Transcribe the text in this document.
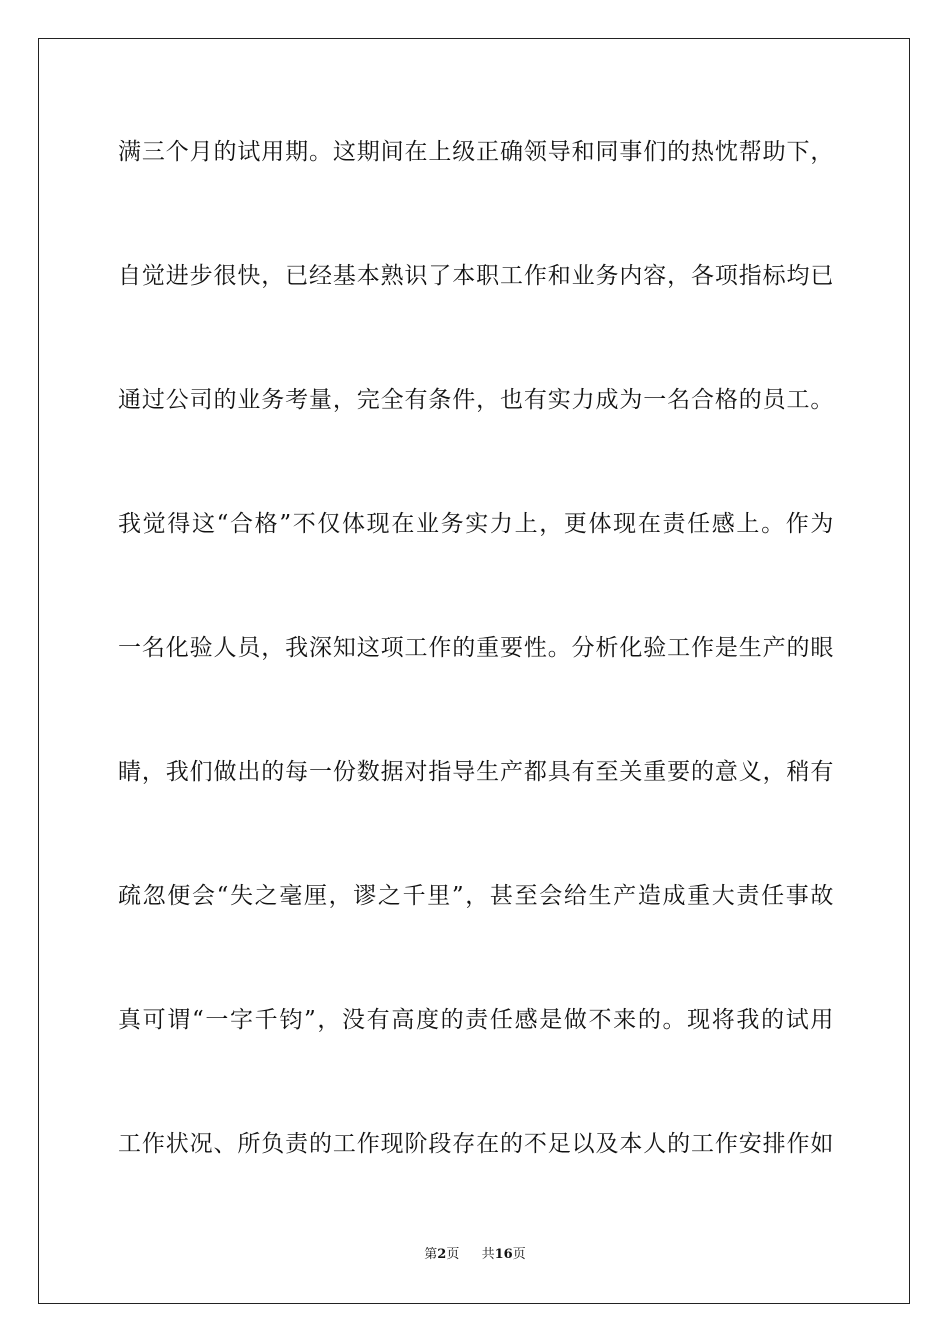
满三个月的试用期。这期间在上级正确领导和同事们的热忱帮助下，
自觉进步很快，已经基本熟识了本职工作和业务内容，各项指标均已
通过公司的业务考量，完全有条件，也有实力成为一名合格的员工。
我觉得这“合格”不仅体现在业务实力上，更体现在责任感上。作为
一名化验人员，我深知这项工作的重要性。分析化验工作是生产的眼
睛，我们做出的每一份数据对指导生产都具有至关重要的意义，稍有
疏忽便会“失之毫厘，谬之千里”，甚至会给生产造成重大责任事故
真可谓“一字千钧”，没有高度的责任感是做不来的。现将我的试用
工作状况、所负责的工作现阶段存在的不足以及本人的工作安排作如
第2页 共16页
